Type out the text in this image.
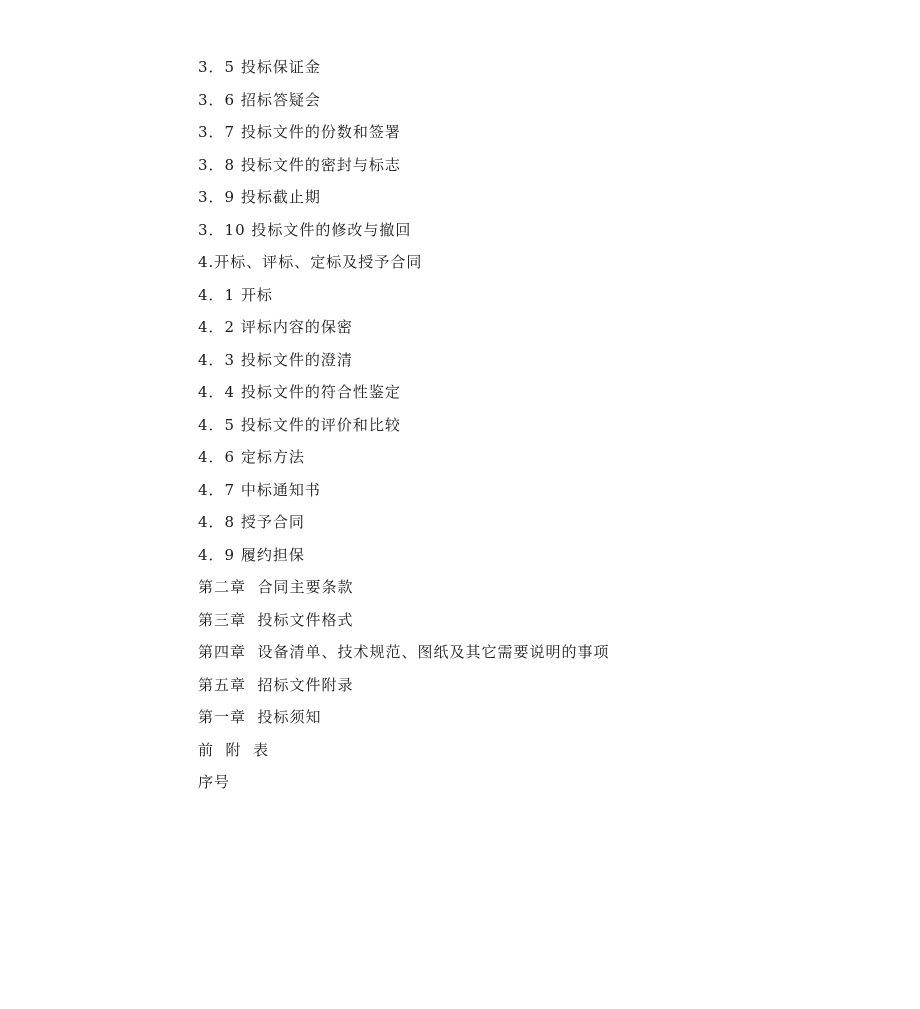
3．5 投标保证金
3．6 招标答疑会
3．7 投标文件的份数和签署
3．8 投标文件的密封与标志
3．9 投标截止期
3．10 投标文件的修改与撤回
4.开标、评标、定标及授予合同
4．1 开标
4．2 评标内容的保密
4．3 投标文件的澄清
4．4 投标文件的符合性鉴定
4．5 投标文件的评价和比较
4．6 定标方法
4．7 中标通知书
4．8 授予合同
4．9 履约担保
第二章  合同主要条款
第三章  投标文件格式
第四章  设备清单、技术规范、图纸及其它需要说明的事项
第五章  招标文件附录
第一章  投标须知
前  附  表
序号
